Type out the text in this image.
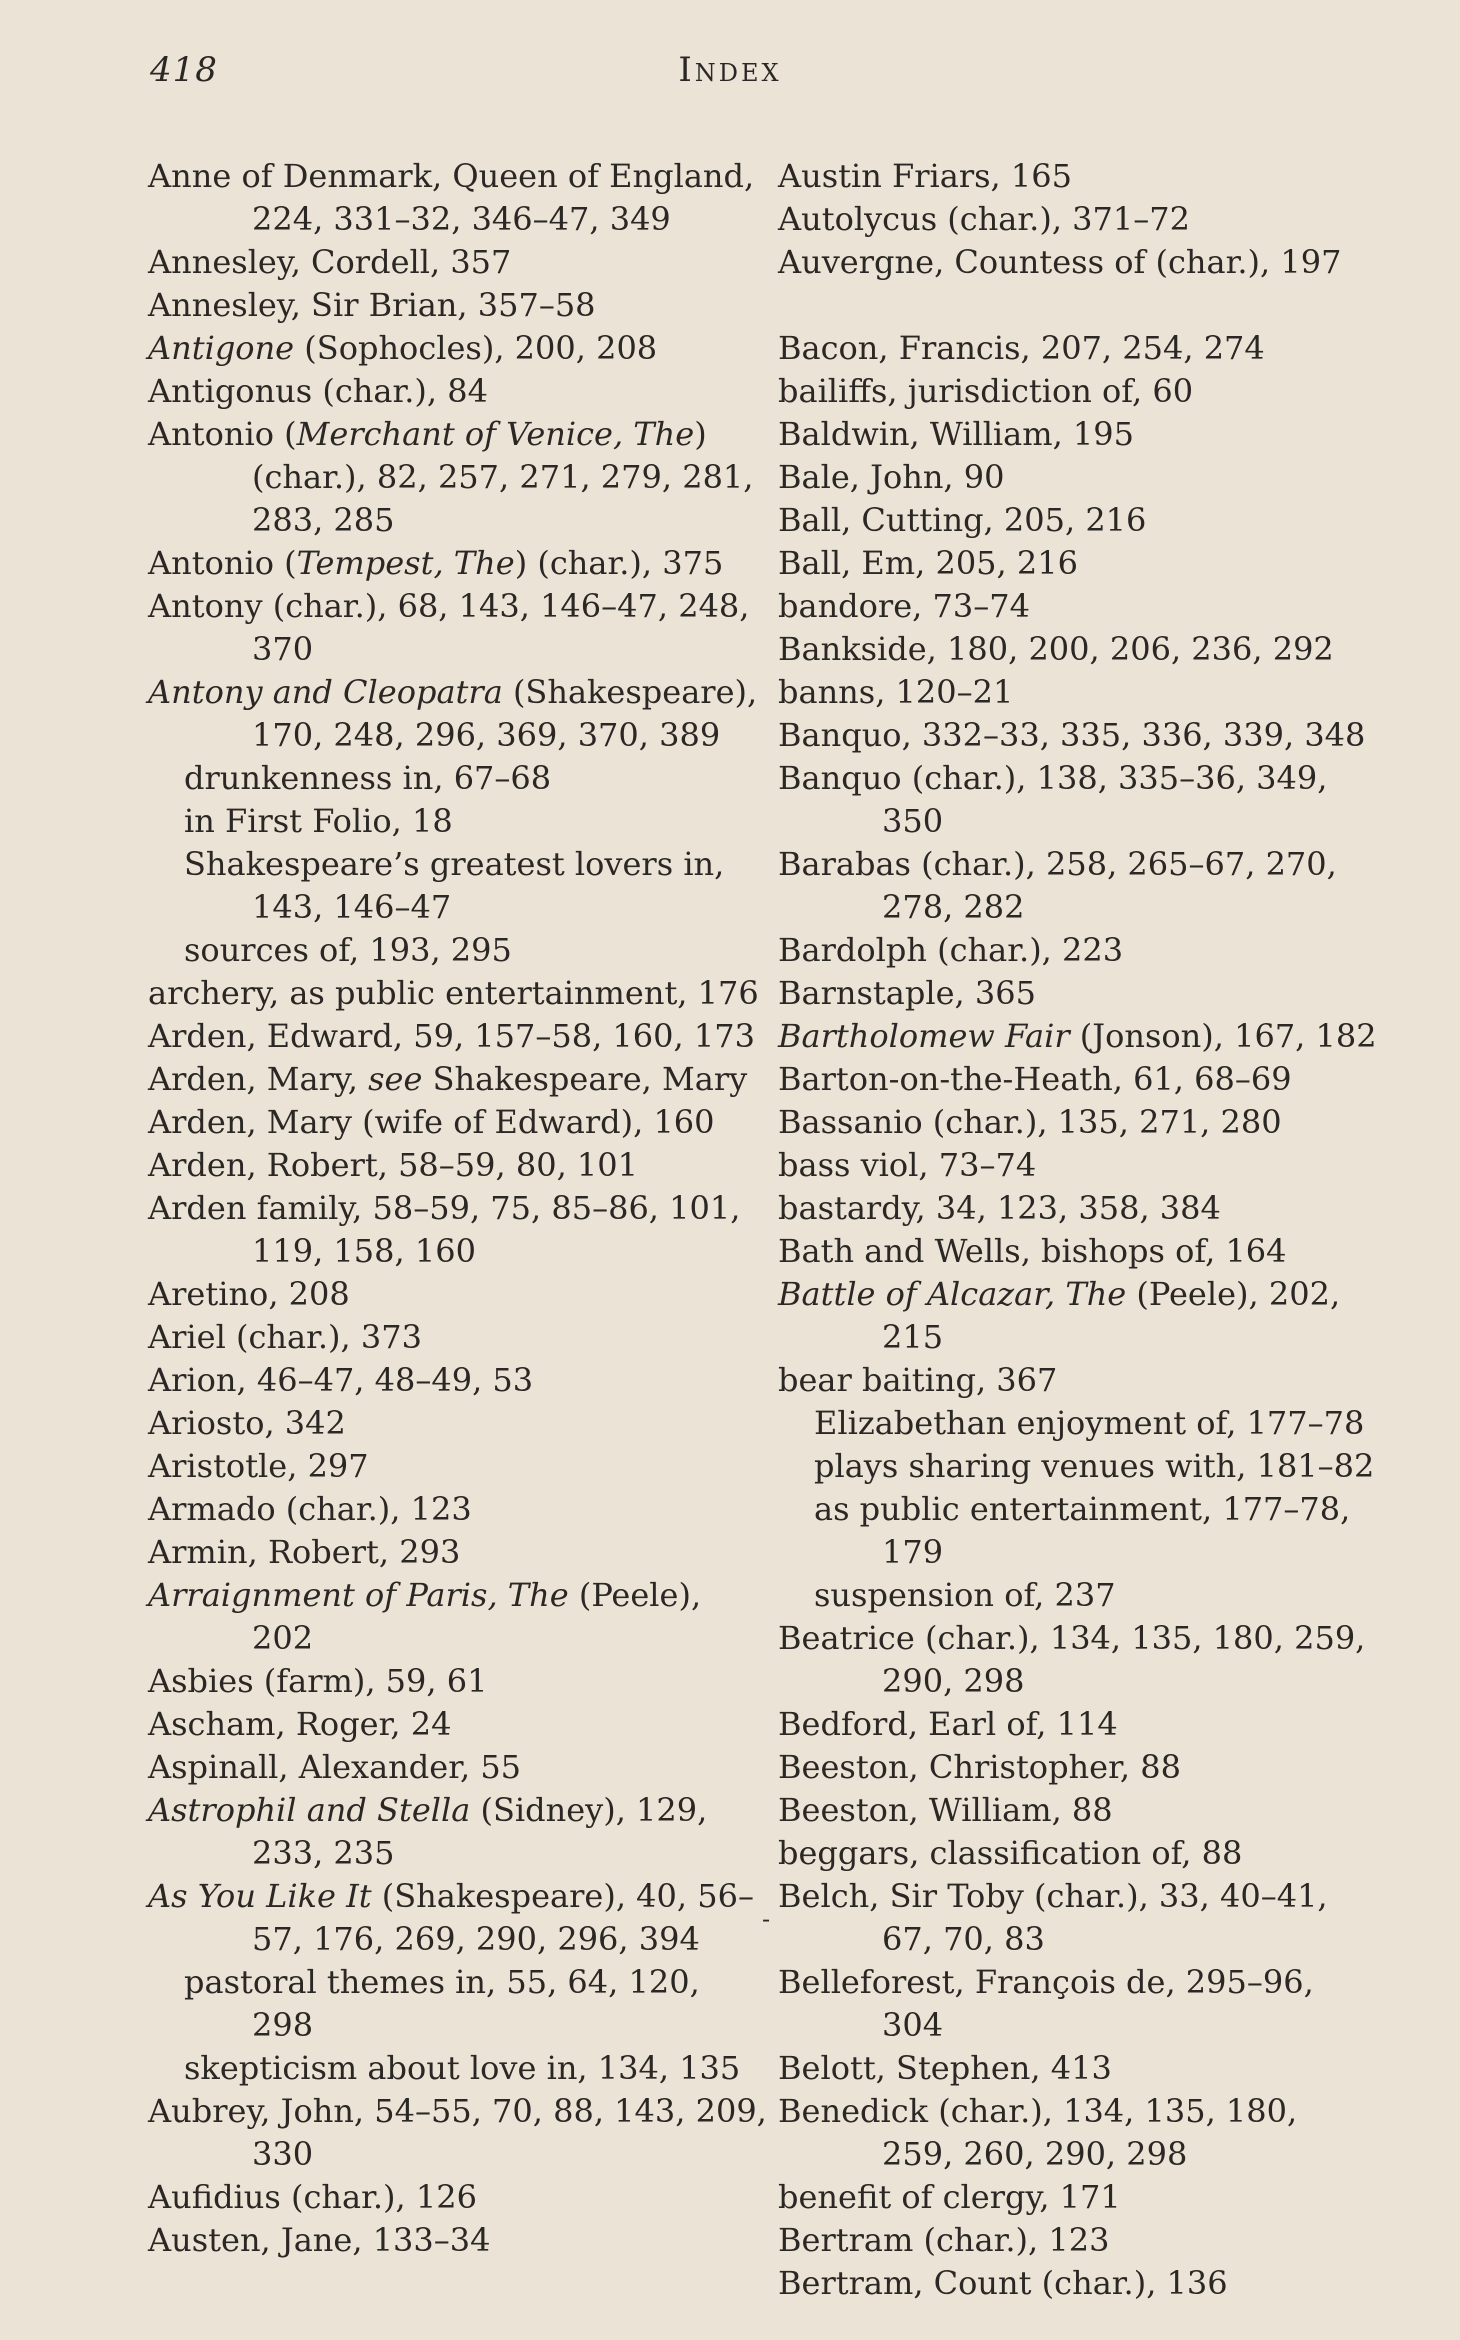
418	Index
Anne of Denmark, Queen of England, 224, 331–32, 346–47, 349
Annesley, Cordell, 357
Annesley, Sir Brian, 357–58
Antigone (Sophocles), 200, 208
Antigonus (char.), 84
Antonio (Merchant of Venice, The) (char.), 82, 257, 271, 279, 281, 283, 285
Antonio (Tempest, The) (char.), 375
Antony (char.), 68, 143, 146–47, 248, 370
Antony and Cleopatra (Shakespeare), 170, 248, 296, 369, 370, 389
drunkenness in, 67–68
in First Folio, 18
Shakespeare’s greatest lovers in, 143, 146–47
sources of, 193, 295
archery, as public entertainment, 176
Arden, Edward, 59, 157–58, 160, 173
Arden, Mary, see Shakespeare, Mary
Arden, Mary (wife of Edward), 160
Arden, Robert, 58–59, 80, 101
Arden family, 58–59, 75, 85–86, 101, 119, 158, 160
Aretino, 208
Ariel (char.), 373
Arion, 46–47, 48–49, 53
Ariosto, 342
Aristotle, 297
Armado (char.), 123
Armin, Robert, 293
Arraignment of Paris, The (Peele), 202
Asbies (farm), 59, 61
Ascham, Roger, 24
Aspinall, Alexander, 55
Astrophil and Stella (Sidney), 129, 233, 235
As You Like It (Shakespeare), 40, 56–57, 176, 269, 290, 296, 394
pastoral themes in, 55, 64, 120, 298
skepticism about love in, 134, 135
Aubrey, John, 54–55, 70, 88, 143, 209, 330
Aufidius (char.), 126
Austen, Jane, 133–34
Austin Friars, 165
Autolycus (char.), 371–72
Auvergne, Countess of (char.), 197
Bacon, Francis, 207, 254, 274
bailiffs, jurisdiction of, 60
Baldwin, William, 195
Bale, John, 90
Ball, Cutting, 205, 216
Ball, Em, 205, 216
bandore, 73–74
Bankside, 180, 200, 206, 236, 292
banns, 120–21
Banquo, 332–33, 335, 336, 339, 348
Banquo (char.), 138, 335–36, 349, 350
Barabas (char.), 258, 265–67, 270, 278, 282
Bardolph (char.), 223
Barnstaple, 365
Bartholomew Fair (Jonson), 167, 182
Barton-on-the-Heath, 61, 68–69
Bassanio (char.), 135, 271, 280
bass viol, 73–74
bastardy, 34, 123, 358, 384
Bath and Wells, bishops of, 164
Battle of Alcazar, The (Peele), 202, 215
bear baiting, 367
Elizabethan enjoyment of, 177–78
plays sharing venues with, 181–82
as public entertainment, 177–78, 179
suspension of, 237
Beatrice (char.), 134, 135, 180, 259, 290, 298
Bedford, Earl of, 114
Beeston, Christopher, 88
Beeston, William, 88
beggars, classification of, 88
Belch, Sir Toby (char.), 33, 40–41, 67, 70, 83
Belleforest, François de, 295–96, 304
Belott, Stephen, 413
Benedick (char.), 134, 135, 180, 259, 260, 290, 298
benefit of clergy, 171
Bertram (char.), 123
Bertram, Count (char.), 136
-
